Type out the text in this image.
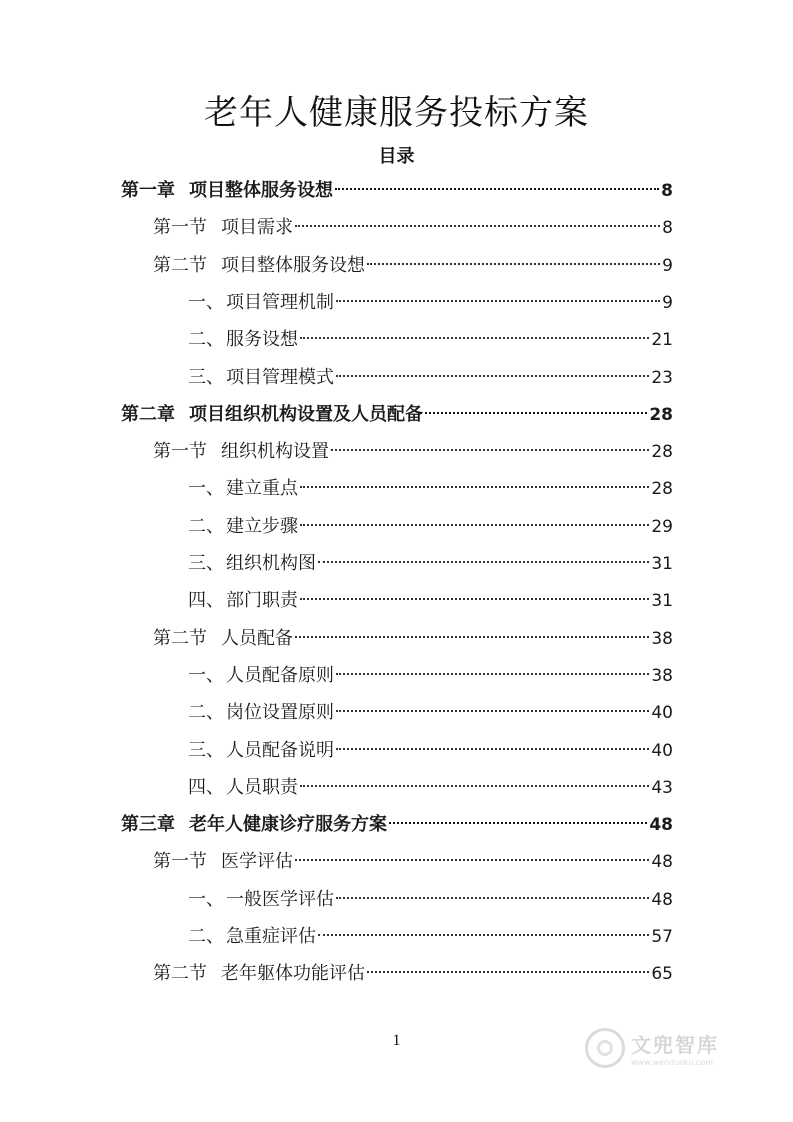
老年人健康服务投标方案
目录
第一章 项目整体服务设想	8
第一节 项目需求	8
第二节 项目整体服务设想	9
一、 项目管理机制	9
二、 服务设想	21
三、 项目管理模式	23
第二章 项目组织机构设置及人员配备	28
第一节 组织机构设置	28
一、 建立重点	28
二、 建立步骤	29
三、 组织机构图	31
四、 部门职责	31
第二节 人员配备	38
一、 人员配备原则	38
二、 岗位设置原则	40
三、 人员配备说明	40
四、 人员职责	43
第三章 老年人健康诊疗服务方案	48
第一节 医学评估	48
一、 一般医学评估	48
二、 急重症评估	57
第二节 老年躯体功能评估	65
1	文兜智库
www.wenduoku.com
